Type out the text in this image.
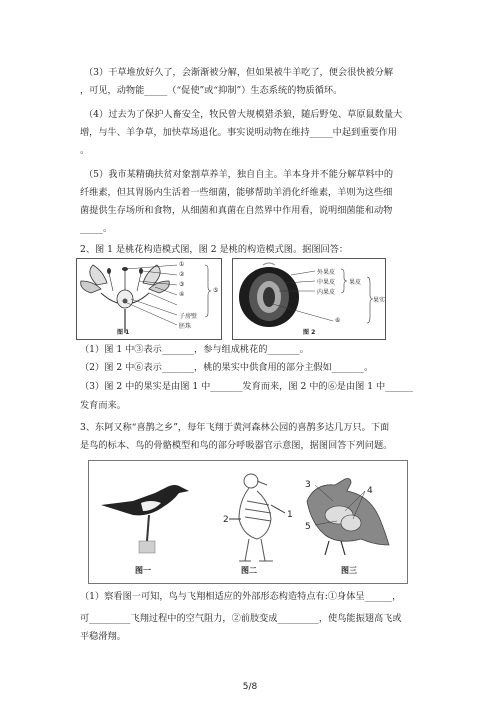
（3）干草堆放好久了，会渐渐被分解，但如果被牛羊吃了，便会很快被分解
，可见，动物能_____（“促使”或“抑制”）生态系统的物质循环。
（4）过去为了保护人畜安全，牧民曾大规模猎杀狼，随后野兔、草原鼠数量大
增，与牛、羊争草，加快草场退化。事实说明动物在维持_____中起到重要作用
。
（5）我市某精确扶贫对象割草养羊，独自自主。羊本身并不能分解草料中的
纤维素，但其胃肠内生活着一些细菌，能够帮助羊消化纤维素，羊则为这些细
菌提供生存场所和食物，从细菌和真菌在自然界中作用看，说明细菌能和动物
_____。
2、图 1 是桃花构造模式图，图 2 是桃的构造模式图。据图回答：
①
②
③
④
⑤
子房壁
胚珠
图 1
外果皮
中果皮
内果皮
果皮
果实
⑥
图 2
（1）图 1 中③表示_______，参与组成桃花的_______。
（2）图 2 中⑥表示_______，桃的果实中供食用的部分主假如_______。
（3）图 2 中的果实是由图 1 中_______发育而来，图 2 中的⑥是由图 1 中______
发育而来。
3、东阿又称“喜鹊之乡”，每年飞翔于黄河森林公园的喜鹊多达几万只。下面
是鸟的标本、鸟的骨骼模型和鸟的部分呼吸器官示意图，据图回答下列问题。
2	1
3
4
5
图一	图二	图三
（1）察看图一可知，鸟与飞翔相适应的外部形态构造特点有:①身体呈______，
可_________飞翔过程中的空气阻力，②前肢变成_________，使鸟能振翅高飞或
平稳滑翔。
5/8
